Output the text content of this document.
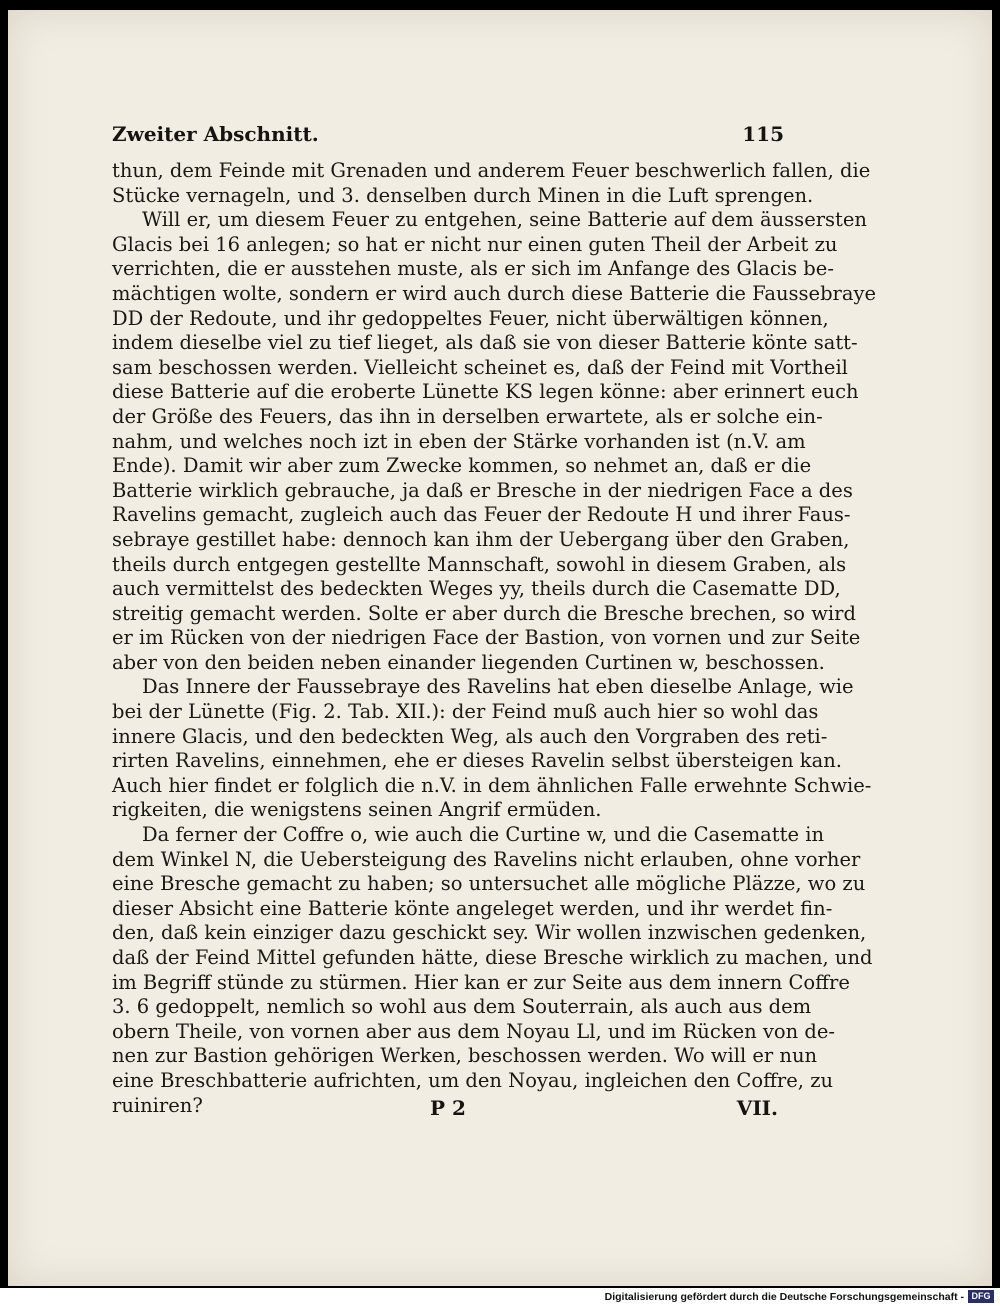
Zweiter Abschnitt.	115
thun, dem Feinde mit Grenaden und anderem Feuer beschwerlich fallen, die
Stücke vernageln, und 3. denselben durch Minen in die Luft sprengen.
Will er, um diesem Feuer zu entgehen, seine Batterie auf dem äussersten
Glacis bei 16 anlegen; so hat er nicht nur einen guten Theil der Arbeit zu
verrichten, die er ausstehen muste, als er sich im Anfange des Glacis be-
mächtigen wolte, sondern er wird auch durch diese Batterie die Faussebraye
DD der Redoute, und ihr gedoppeltes Feuer, nicht überwältigen können,
indem dieselbe viel zu tief lieget, als daß sie von dieser Batterie könte satt-
sam beschossen werden. Vielleicht scheinet es, daß der Feind mit Vortheil
diese Batterie auf die eroberte Lünette KS legen könne: aber erinnert euch
der Größe des Feuers, das ihn in derselben erwartete, als er solche ein-
nahm, und welches noch izt in eben der Stärke vorhanden ist (n.V. am
Ende). Damit wir aber zum Zwecke kommen, so nehmet an, daß er die
Batterie wirklich gebrauche, ja daß er Bresche in der niedrigen Face a des
Ravelins gemacht, zugleich auch das Feuer der Redoute H und ihrer Faus-
sebraye gestillet habe: dennoch kan ihm der Uebergang über den Graben,
theils durch entgegen gestellte Mannschaft, sowohl in diesem Graben, als
auch vermittelst des bedeckten Weges yy, theils durch die Casematte DD,
streitig gemacht werden. Solte er aber durch die Bresche brechen, so wird
er im Rücken von der niedrigen Face der Bastion, von vornen und zur Seite
aber von den beiden neben einander liegenden Curtinen w, beschossen.
Das Innere der Faussebraye des Ravelins hat eben dieselbe Anlage, wie
bei der Lünette (Fig. 2. Tab. XII.): der Feind muß auch hier so wohl das
innere Glacis, und den bedeckten Weg, als auch den Vorgraben des reti-
rirten Ravelins, einnehmen, ehe er dieses Ravelin selbst übersteigen kan.
Auch hier findet er folglich die n.V. in dem ähnlichen Falle erwehnte Schwie-
rigkeiten, die wenigstens seinen Angrif ermüden.
Da ferner der Coffre o, wie auch die Curtine w, und die Casematte in
dem Winkel N, die Uebersteigung des Ravelins nicht erlauben, ohne vorher
eine Bresche gemacht zu haben; so untersuchet alle mögliche Pläzze, wo zu
dieser Absicht eine Batterie könte angeleget werden, und ihr werdet fin-
den, daß kein einziger dazu geschickt sey. Wir wollen inzwischen gedenken,
daß der Feind Mittel gefunden hätte, diese Bresche wirklich zu machen, und
im Begriff stünde zu stürmen. Hier kan er zur Seite aus dem innern Coffre
3. 6 gedoppelt, nemlich so wohl aus dem Souterrain, als auch aus dem
obern Theile, von vornen aber aus dem Noyau Ll, und im Rücken von de-
nen zur Bastion gehörigen Werken, beschossen werden. Wo will er nun
eine Breschbatterie aufrichten, um den Noyau, ingleichen den Coffre, zu
ruiniren?	P 2	VII.
Digitalisierung gefördert durch die Deutsche Forschungsgemeinschaft - DFG
